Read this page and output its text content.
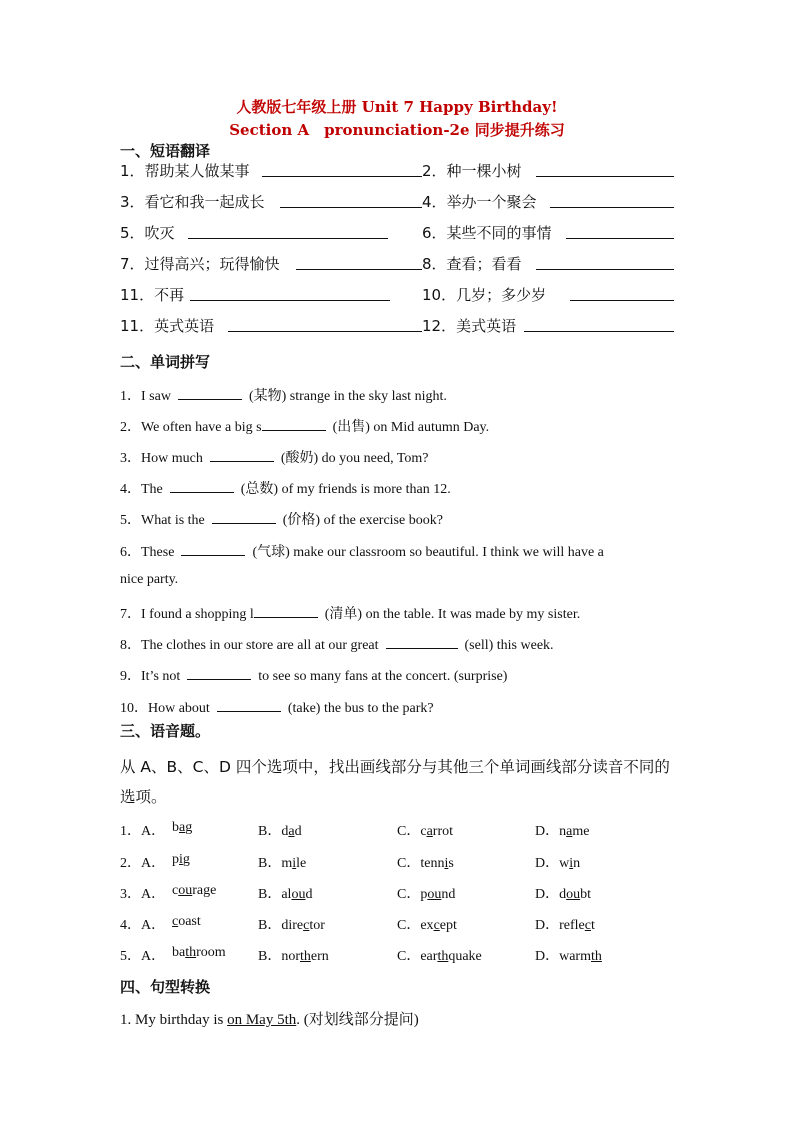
人教版七年级上册 Unit 7 Happy Birthday!
Section A　pronunciation-2e 同步提升练习
一、短语翻译
1．帮助某人做某事	2．种一棵小树
3．看它和我一起成长	4．举办一个聚会
5．吹灭	6．某些不同的事情
7．过得高兴；玩得愉快	8．查看；看看
11．不再	10．几岁；多少岁
11．英式英语	12．美式英语
二、单词拼写
1．I saw	(某物) strange in the sky last night.
2．We often have a big s	(出售) on Mid autumn Day.
3．How much	(酸奶) do you need, Tom?
4．The	(总数) of my friends is more than 12.
5．What is the	(价格) of the exercise book?
6．These	(气球) make our classroom so beautiful. I think we will have a
nice party.
7．I found a shopping l	(清单) on the table. It was made by my sister.
8．The clothes in our store are all at our great	(sell) this week.
9．It’s not	to see so many fans at the concert. (surprise)
10．How about	(take) the bus to the park?
三、语音题。
从 A、B、C、D 四个选项中，找出画线部分与其他三个单词画线部分读音不同的选项。
1．A． bag	B．dad	C．carrot	D．name
2．A． pig	B．mile	C．tennis	D．win
3．A． courage	B．aloud	C．pound	D．doubt
4．A． coast	B．director	C．except	D．reflect
5．A． bathroom B．northern	C．earthquake	D．warmth
四、句型转换
1. My birthday is on May 5th. (对划线部分提问)
